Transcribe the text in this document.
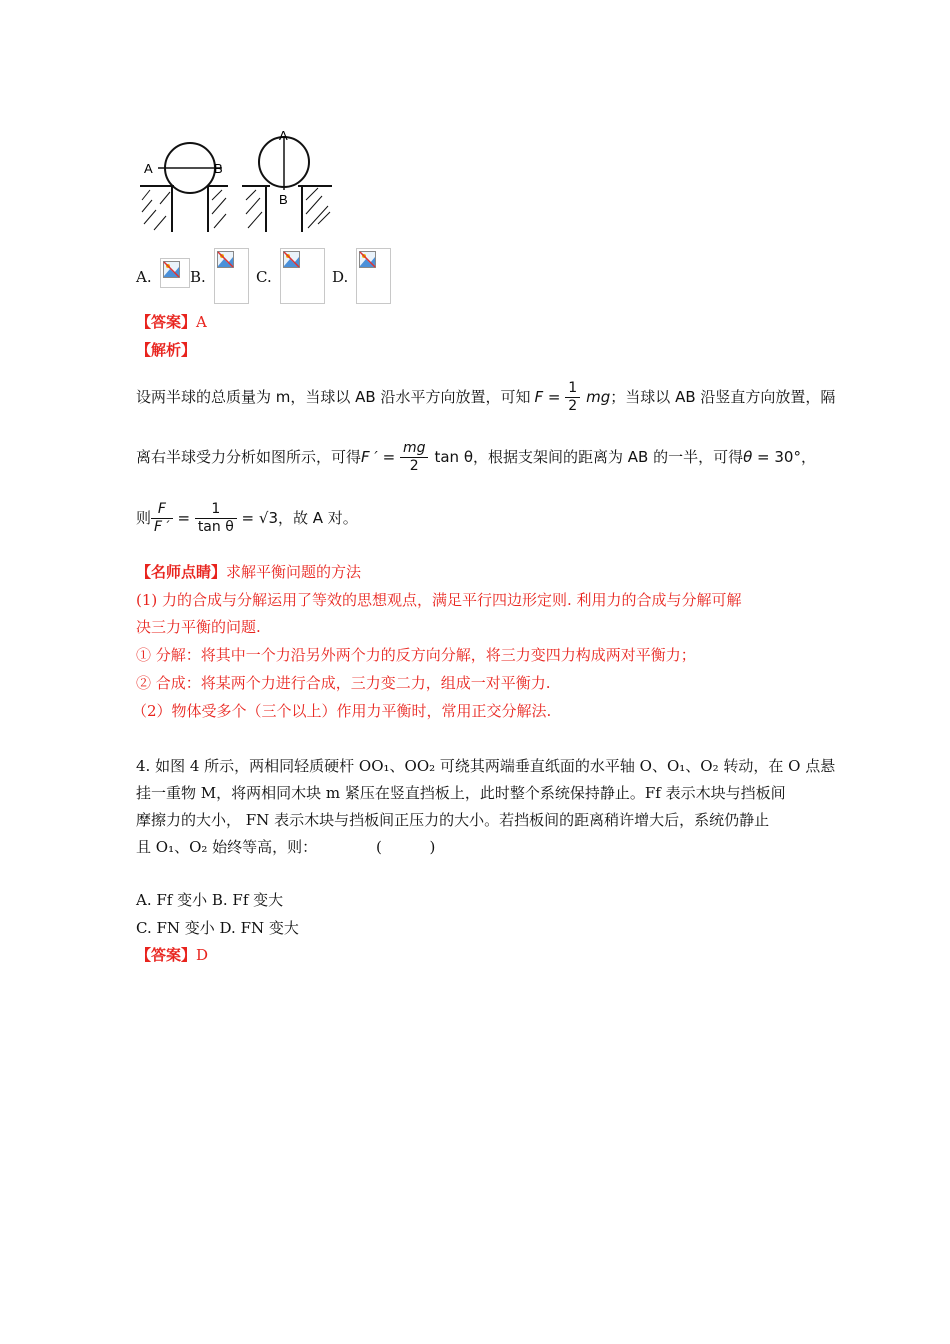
A	B
A
B
A.	B.	C.	D.
【答案】A
【解析】
设两半球的总质量为 m，当球以 AB 沿水平方向放置，可知 $F = \frac{1}{2}$ mg ；当球以 AB 沿竖直方向放置，隔
离右半球受力分析如图所示，可得 F ′ = $\frac{mg}{2}$ tan θ ，根据支架间的距离为 AB 的一半，可得 θ = 30°，
则 $\frac{F}{F '} = \frac{1}{\text{tan θ}} = √3$，故 A 对。
【名师点睛】求解平衡问题的方法
(1) 力的合成与分解运用了等效的思想观点，满足平行四边形定则. 利用力的合成与分解可解
决三力平衡的问题.
① 分解：将其中一个力沿另外两个力的反方向分解，将三力变四力构成两对平衡力；
② 合成：将某两个力进行合成，三力变二力，组成一对平衡力.
（2）物体受多个（三个以上）作用力平衡时，常用正交分解法.
4. 如图 4 所示，两相同轻质硬杆 OO₁、OO₂ 可绕其两端垂直纸面的水平轴 O、O₁、O₂ 转动，在 O 点悬
挂一重物 M，将两相同木块 m 紧压在竖直挡板上，此时整个系统保持静止。Ff 表示木块与挡板间
摩擦力的大小， FN 表示木块与挡板间正压力的大小。若挡板间的距离稍许增大后，系统仍静止
且 O₁、O₂ 始终等高，则：	(          )
A. Ff 变小 B. Ff 变大
C. FN 变小 D. FN 变大
【答案】D
